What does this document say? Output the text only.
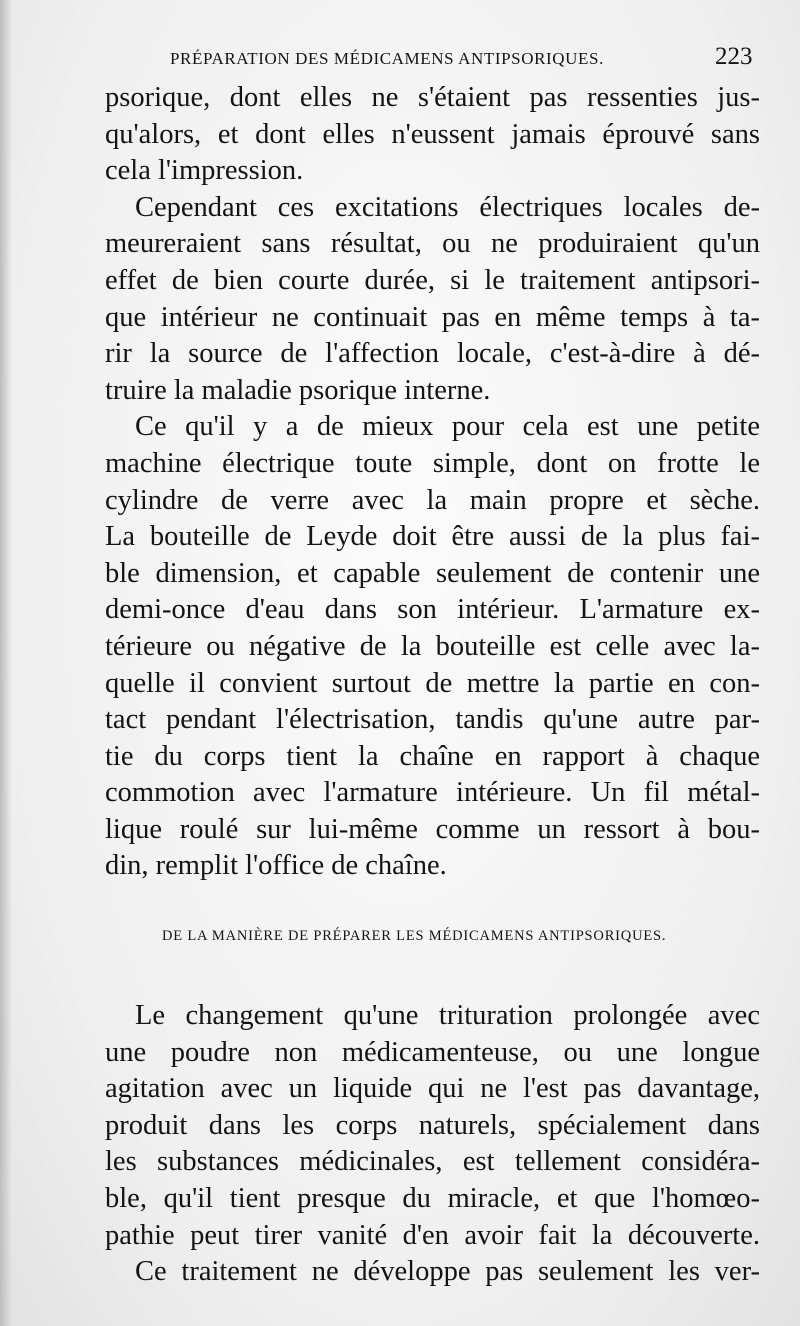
PRÉPARATION DES MÉDICAMENS ANTIPSORIQUES.	223
psorique, dont elles ne s'étaient pas ressenties jus-
qu'alors, et dont elles n'eussent jamais éprouvé sans
cela l'impression.
Cependant ces excitations électriques locales de-
meureraient sans résultat, ou ne produiraient qu'un
effet de bien courte durée, si le traitement antipsori-
que intérieur ne continuait pas en même temps à ta-
rir la source de l'affection locale, c'est-à-dire à dé-
truire la maladie psorique interne.
Ce qu'il y a de mieux pour cela est une petite
machine électrique toute simple, dont on frotte le
cylindre de verre avec la main propre et sèche.
La bouteille de Leyde doit être aussi de la plus fai-
ble dimension, et capable seulement de contenir une
demi-once d'eau dans son intérieur. L'armature ex-
térieure ou négative de la bouteille est celle avec la-
quelle il convient surtout de mettre la partie en con-
tact pendant l'électrisation, tandis qu'une autre par-
tie du corps tient la chaîne en rapport à chaque
commotion avec l'armature intérieure. Un fil métal-
lique roulé sur lui-même comme un ressort à bou-
din, remplit l'office de chaîne.
DE LA MANIÈRE DE PRÉPARER LES MÉDICAMENS ANTIPSORIQUES.
Le changement qu'une trituration prolongée avec
une poudre non médicamenteuse, ou une longue
agitation avec un liquide qui ne l'est pas davantage,
produit dans les corps naturels, spécialement dans
les substances médicinales, est tellement considéra-
ble, qu'il tient presque du miracle, et que l'homœo-
pathie peut tirer vanité d'en avoir fait la découverte.
Ce traitement ne développe pas seulement les ver-
